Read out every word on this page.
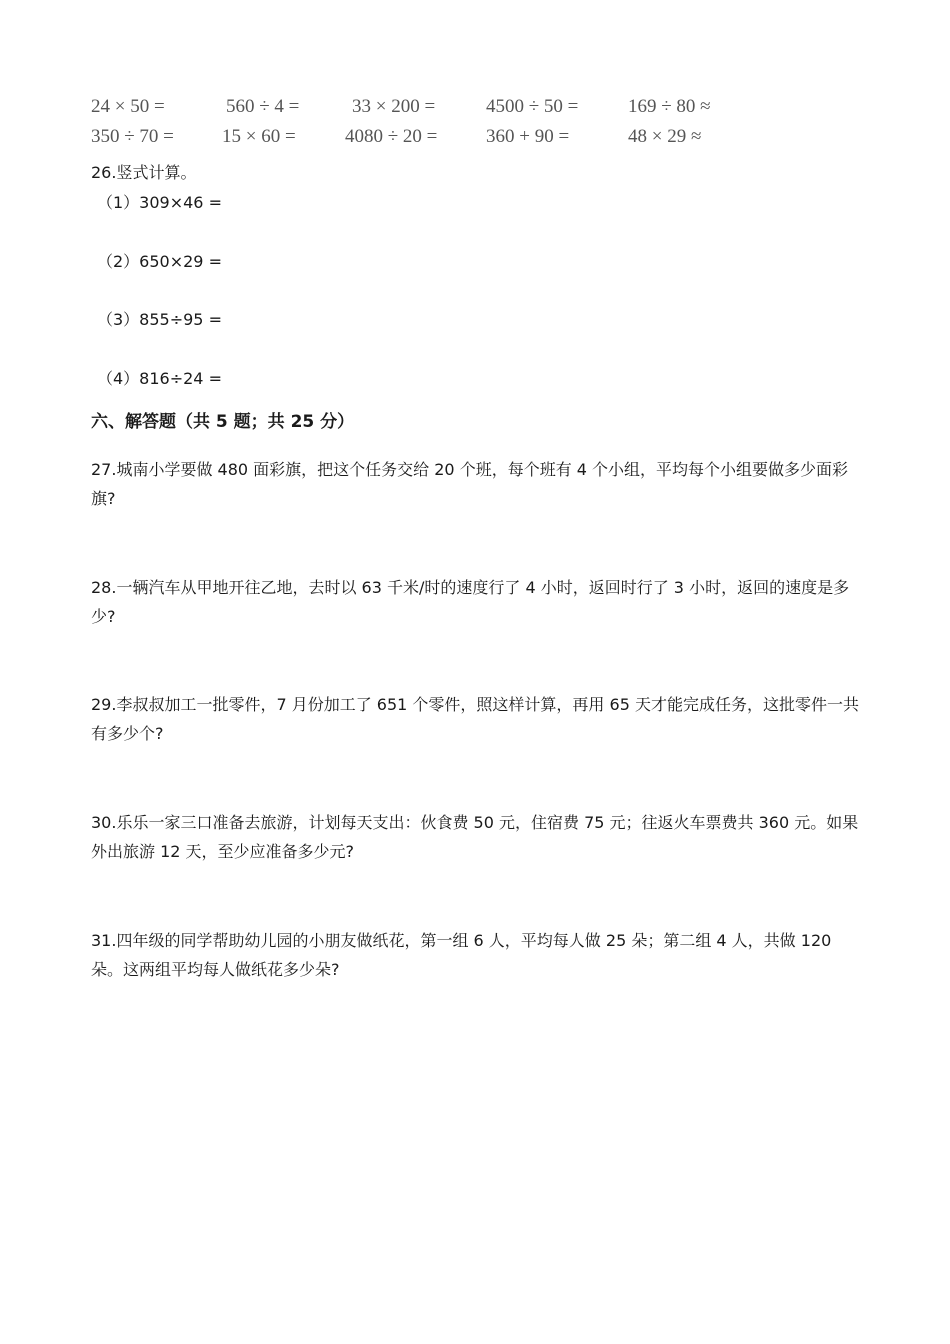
24 × 50 =	560 ÷ 4 =	33 × 200 =	4500 ÷ 50 =	169 ÷ 80 ≈
350 ÷ 70 =	15 × 60 =	4080 ÷ 20 =	360 + 90 =	48 × 29 ≈
26.竖式计算。
（1）309×46 =
（2）650×29 =
（3）855÷95 =
（4）816÷24 =
六、解答题（共 5 题；共 25 分）
27.城南小学要做 480 面彩旗，把这个任务交给 20 个班，每个班有 4 个小组，平均每个小组要做多少面彩旗?
28.一辆汽车从甲地开往乙地，去时以 63 千米/时的速度行了 4 小时，返回时行了 3 小时，返回的速度是多少?
29.李叔叔加工一批零件，7 月份加工了 651 个零件，照这样计算，再用 65 天才能完成任务，这批零件一共有多少个?
30.乐乐一家三口准备去旅游，计划每天支出：伙食费 50 元，住宿费 75 元；往返火车票费共 360 元。如果外出旅游 12 天，至少应准备多少元?
31.四年级的同学帮助幼儿园的小朋友做纸花，第一组 6 人，平均每人做 25 朵；第二组 4 人，共做 120 朵。这两组平均每人做纸花多少朵?
